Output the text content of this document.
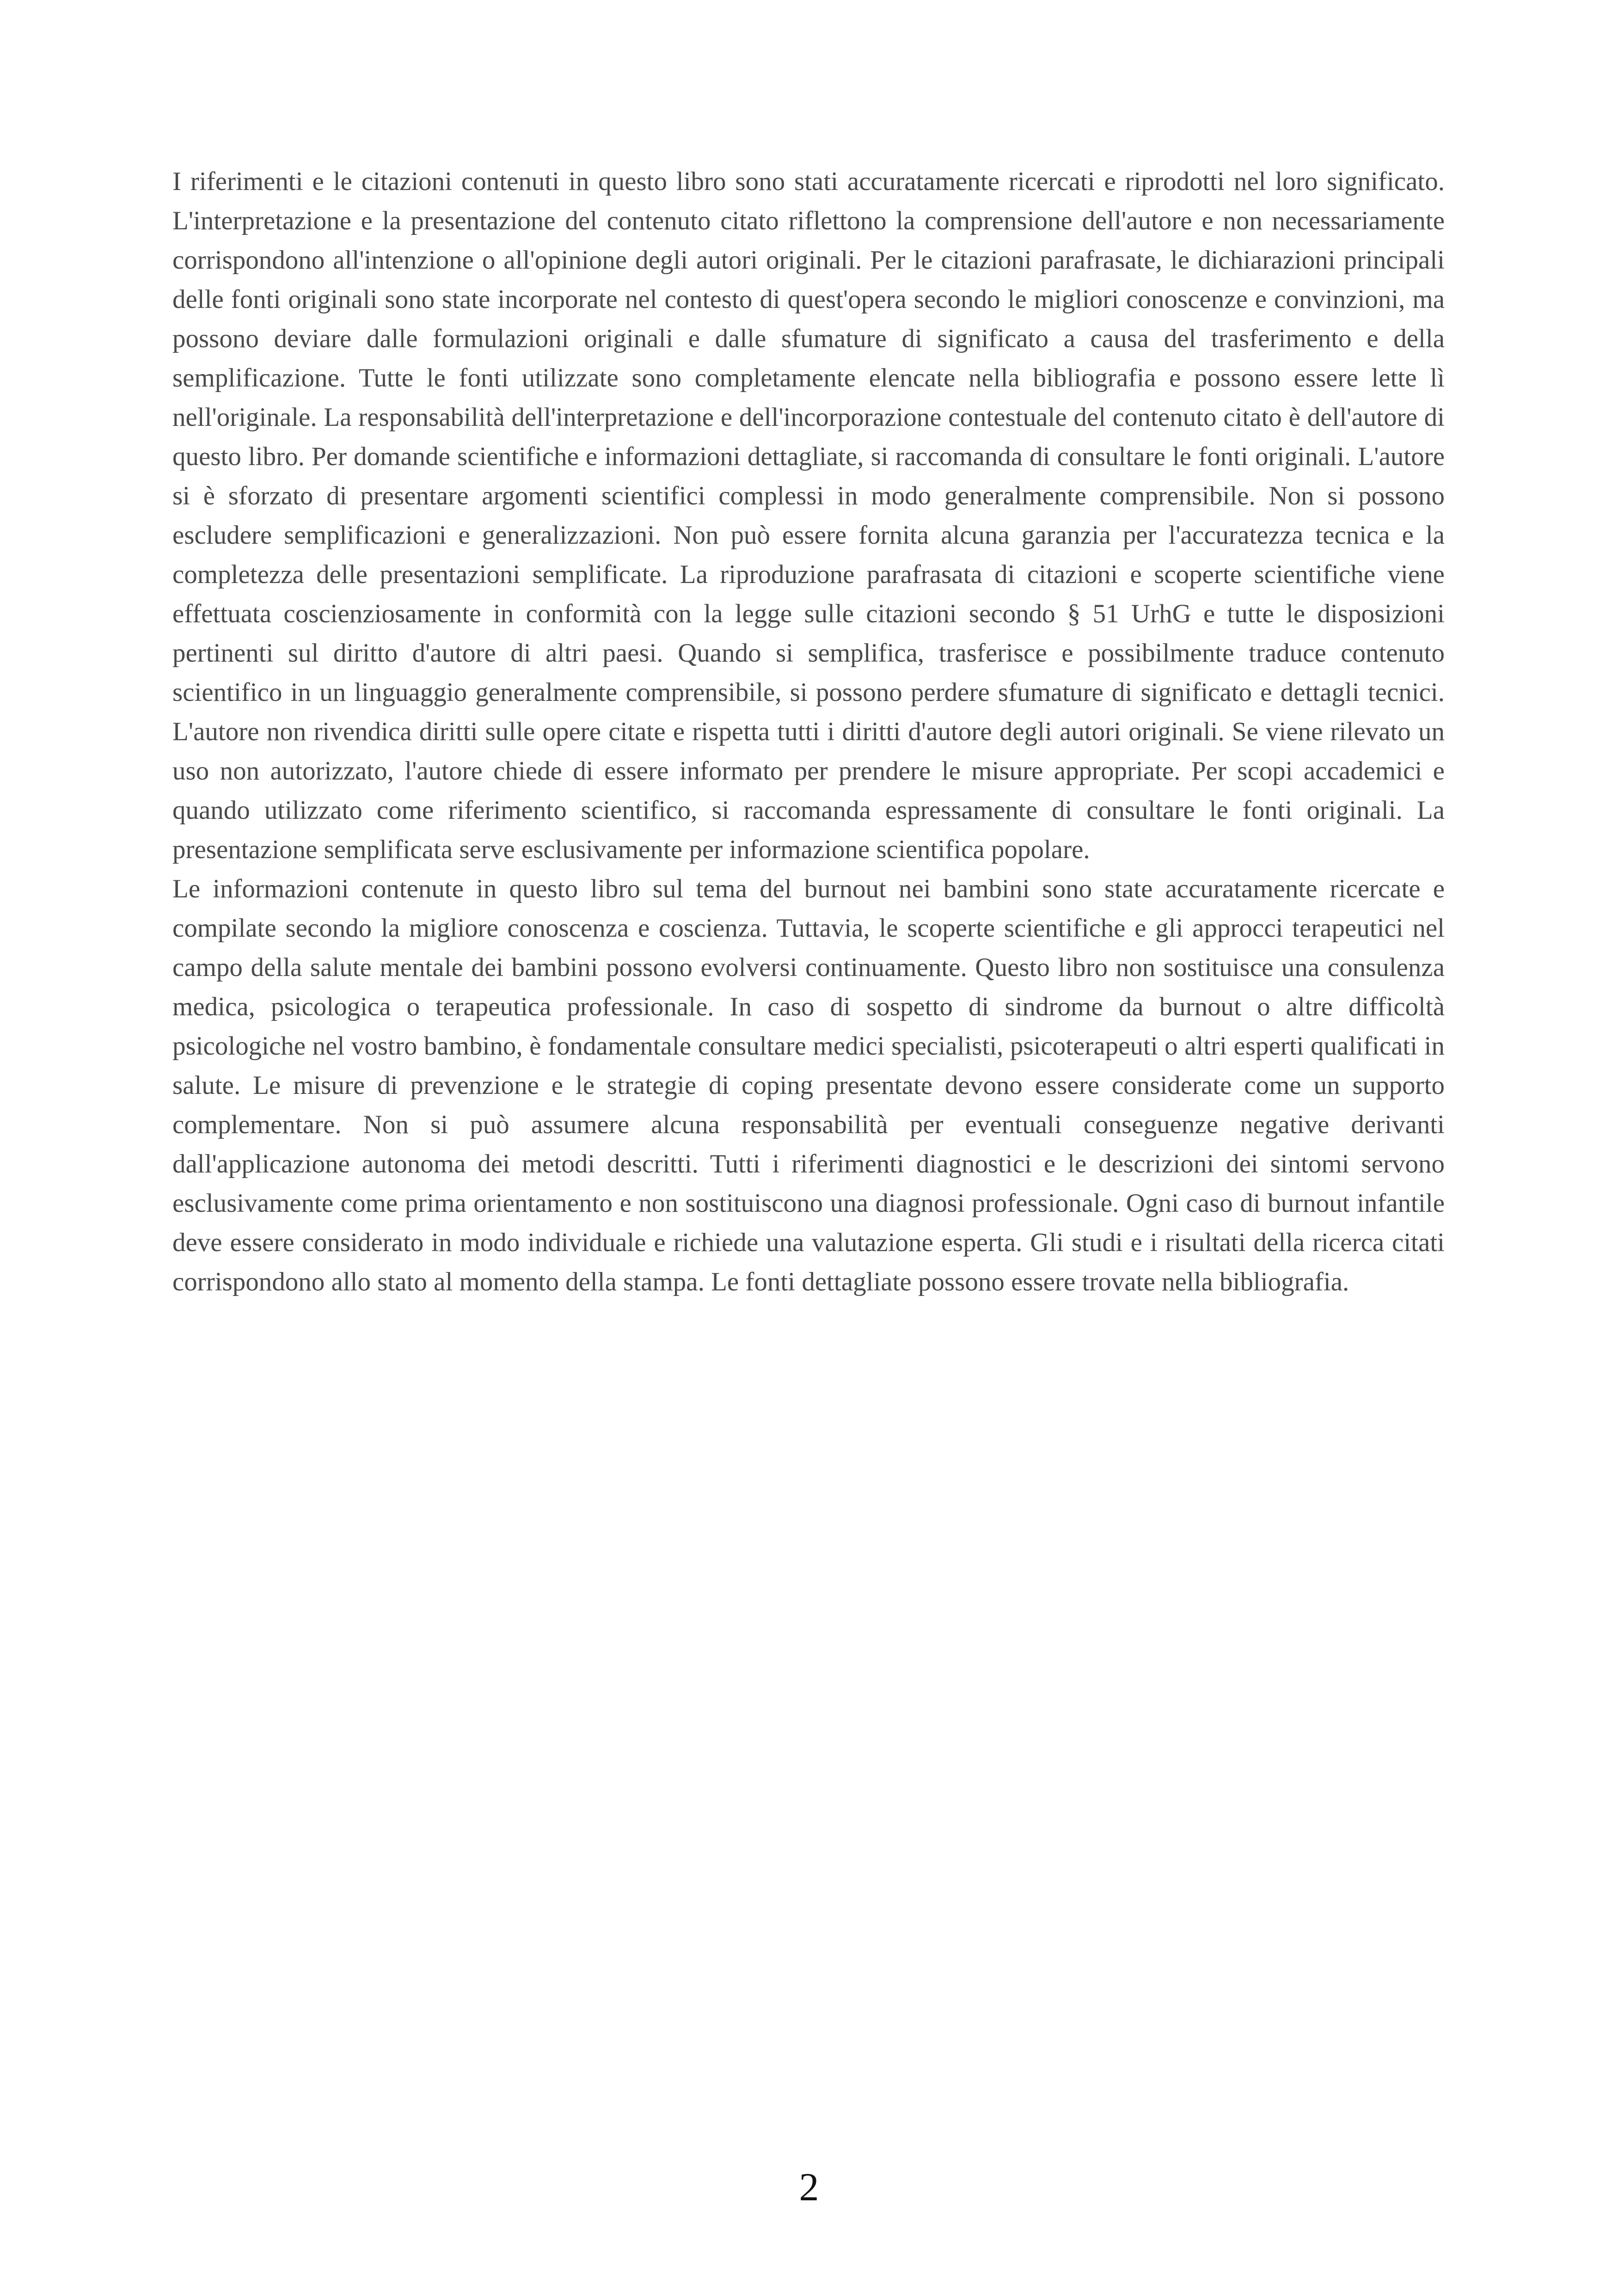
I riferimenti e le citazioni contenuti in questo libro sono stati accuratamente ricercati e riprodotti nel loro significato. L'interpretazione e la presentazione del contenuto citato riflettono la comprensione dell'autore e non necessariamente corrispondono all'intenzione o all'opinione degli autori originali. Per le citazioni parafrasate, le dichiarazioni principali delle fonti originali sono state incorporate nel contesto di quest'opera secondo le migliori conoscenze e convinzioni, ma possono deviare dalle formulazioni originali e dalle sfumature di significato a causa del trasferimento e della semplificazione. Tutte le fonti utilizzate sono completamente elencate nella bibliografia e possono essere lette lì nell'originale. La responsabilità dell'interpretazione e dell'incorporazione contestuale del contenuto citato è dell'autore di questo libro. Per domande scientifiche e informazioni dettagliate, si raccomanda di consultare le fonti originali. L'autore si è sforzato di presentare argomenti scientifici complessi in modo generalmente comprensibile. Non si possono escludere semplificazioni e generalizzazioni. Non può essere fornita alcuna garanzia per l'accuratezza tecnica e la completezza delle presentazioni semplificate. La riproduzione parafrasata di citazioni e scoperte scientifiche viene effettuata coscienziosamente in conformità con la legge sulle citazioni secondo § 51 UrhG e tutte le disposizioni pertinenti sul diritto d'autore di altri paesi. Quando si semplifica, trasferisce e possibilmente traduce contenuto scientifico in un linguaggio generalmente comprensibile, si possono perdere sfumature di significato e dettagli tecnici. L'autore non rivendica diritti sulle opere citate e rispetta tutti i diritti d'autore degli autori originali. Se viene rilevato un uso non autorizzato, l'autore chiede di essere informato per prendere le misure appropriate. Per scopi accademici e quando utilizzato come riferimento scientifico, si raccomanda espressamente di consultare le fonti originali. La presentazione semplificata serve esclusivamente per informazione scientifica popolare.

Le informazioni contenute in questo libro sul tema del burnout nei bambini sono state accuratamente ricercate e compilate secondo la migliore conoscenza e coscienza. Tuttavia, le scoperte scientifiche e gli approcci terapeutici nel campo della salute mentale dei bambini possono evolversi continuamente. Questo libro non sostituisce una consulenza medica, psicologica o terapeutica professionale. In caso di sospetto di sindrome da burnout o altre difficoltà psicologiche nel vostro bambino, è fondamentale consultare medici specialisti, psicoterapeuti o altri esperti qualificati in salute. Le misure di prevenzione e le strategie di coping presentate devono essere considerate come un supporto complementare. Non si può assumere alcuna responsabilità per eventuali conseguenze negative derivanti dall'applicazione autonoma dei metodi descritti. Tutti i riferimenti diagnostici e le descrizioni dei sintomi servono esclusivamente come prima orientamento e non sostituiscono una diagnosi professionale. Ogni caso di burnout infantile deve essere considerato in modo individuale e richiede una valutazione esperta. Gli studi e i risultati della ricerca citati corrispondono allo stato al momento della stampa. Le fonti dettagliate possono essere trovate nella bibliografia.

2
